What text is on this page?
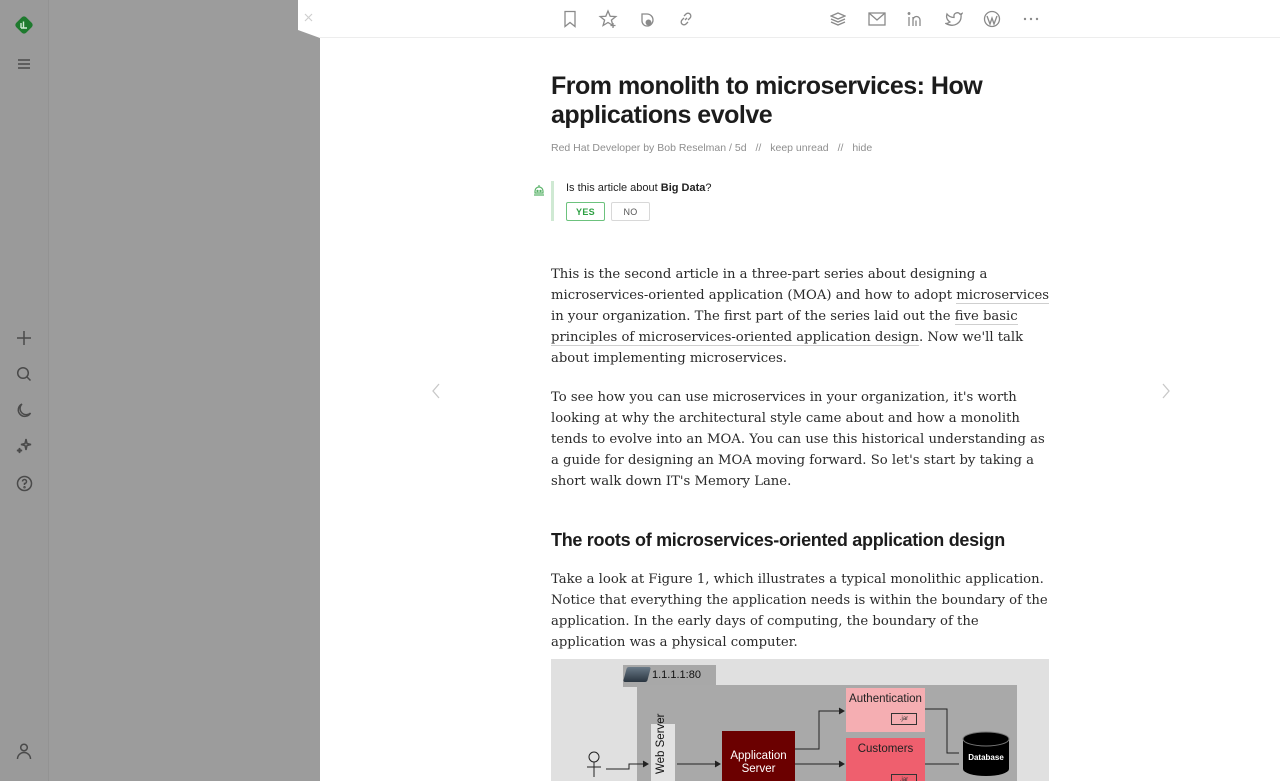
From monolith to microservices: How applications evolve
Red Hat Developer by Bob Reselman / 5d // keep unread // hide
Is this article about Big Data?
YES	NO

This is the second article in a three-part series about designing a microservices-oriented application (MOA) and how to adopt microservices in your organization. The first part of the series laid out the five basic principles of microservices-oriented application design. Now we'll talk about implementing microservices.

To see how you can use microservices in your organization, it's worth looking at why the architectural style came about and how a monolith tends to evolve into an MOA. You can use this historical understanding as a guide for designing an MOA moving forward. So let's start by taking a short walk down IT's Memory Lane.

The roots of microservices-oriented application design

Take a look at Figure 1, which illustrates a typical monolithic application. Notice that everything the application needs is within the boundary of the application. In the early days of computing, the boundary of the application was a physical computer.

1.1.1.1:80
Web Server	Application Server
Authentication
.jar
Customers
.jar
Database
